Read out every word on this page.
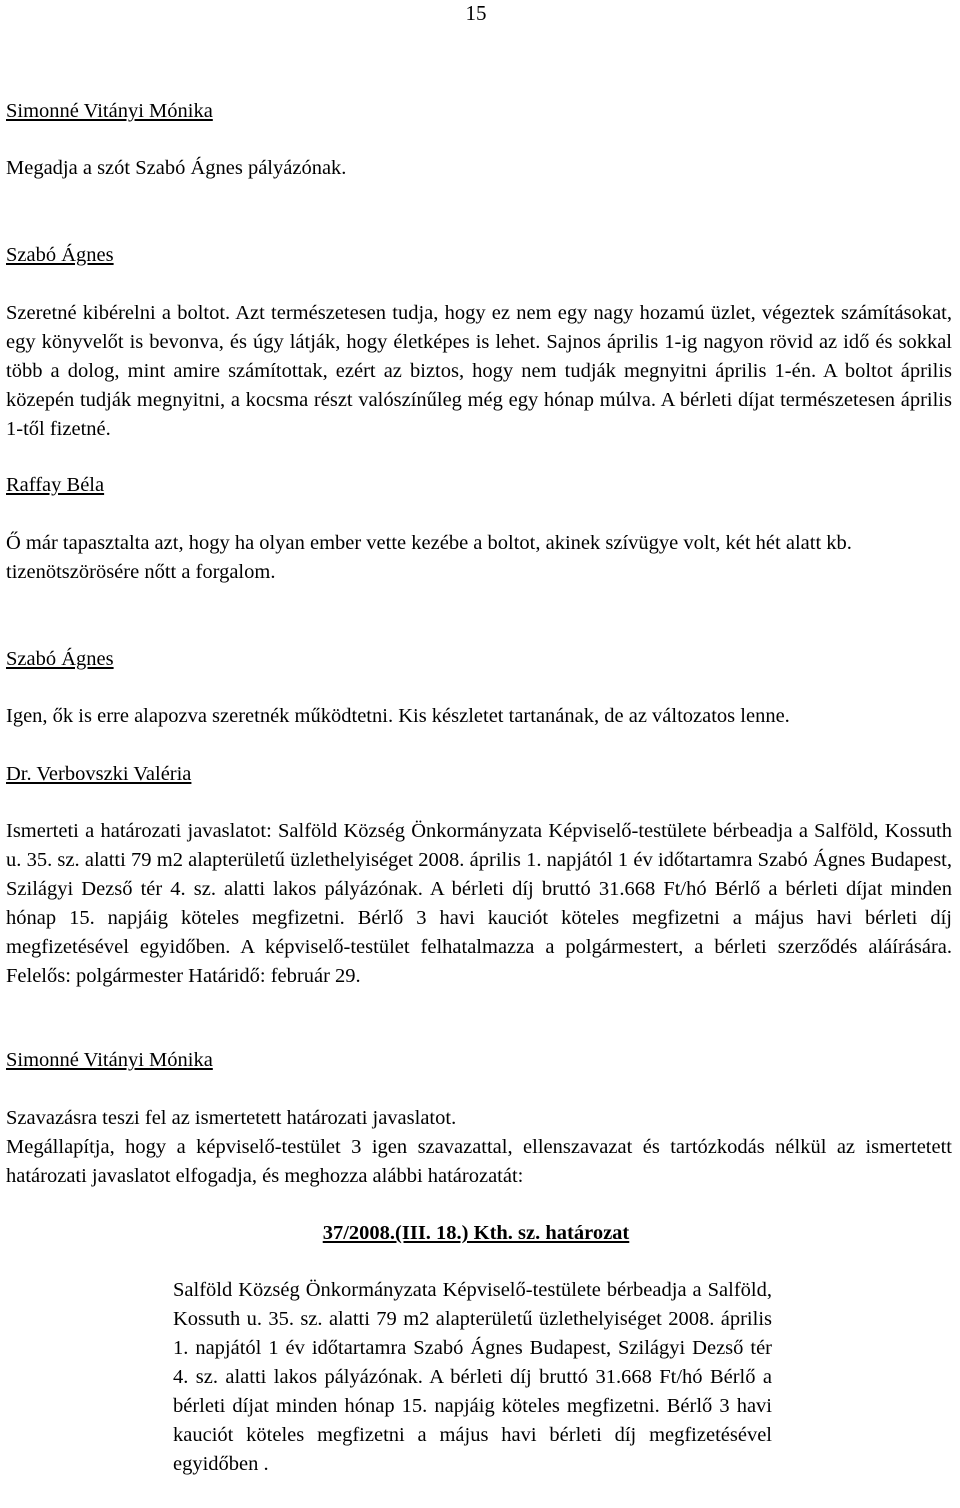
15

Simonné Vitányi Mónika

Megadja a szót Szabó Ágnes pályázónak.

Szabó Ágnes

Szeretné kibérelni a boltot. Azt természetesen tudja, hogy ez nem egy nagy hozamú üzlet, végeztek számításokat, egy könyvelőt is bevonva, és úgy látják, hogy életképes is lehet. Sajnos április 1-ig nagyon rövid az idő és sokkal több a dolog, mint amire számítottak, ezért az biztos, hogy nem tudják megnyitni április 1-én. A boltot április közepén tudják megnyitni, a kocsma részt valószínűleg még egy hónap múlva. A bérleti díjat természetesen április 1-től fizetné.

Raffay Béla

Ő már tapasztalta azt, hogy ha olyan ember vette kezébe a boltot, akinek szívügye volt, két hét alatt kb. tizenötszörösére nőtt a forgalom.

Szabó Ágnes

Igen, ők is erre alapozva szeretnék működtetni. Kis készletet tartanának, de az változatos lenne.

Dr. Verbovszki Valéria

Ismerteti a határozati javaslatot: Salföld Község Önkormányzata Képviselő-testülete bérbeadja a Salföld, Kossuth u. 35. sz. alatti 79 m2 alapterületű üzlethelyiséget 2008. április 1. napjától 1 év időtartamra Szabó Ágnes Budapest, Szilágyi Dezső tér 4. sz. alatti lakos pályázónak. A bérleti díj bruttó 31.668 Ft/hó Bérlő a bérleti díjat minden hónap 15. napjáig köteles megfizetni. Bérlő 3 havi kauciót köteles megfizetni a május havi bérleti díj megfizetésével egyidőben. A képviselő-testület felhatalmazza a polgármestert, a bérleti szerződés aláírására. Felelős: polgármester Határidő: február 29.

Simonné Vitányi Mónika

Szavazásra teszi fel az ismertetett határozati javaslatot.

Megállapítja, hogy a képviselő-testület 3 igen szavazattal, ellenszavazat és tartózkodás nélkül az ismertetett határozati javaslatot elfogadja, és meghozza alábbi határozatát:

37/2008.(III. 18.) Kth. sz. határozat

Salföld Község Önkormányzata Képviselő-testülete bérbeadja a Salföld, Kossuth u. 35. sz. alatti 79 m2 alapterületű üzlethelyiséget 2008. április 1. napjától 1 év időtartamra Szabó Ágnes Budapest, Szilágyi Dezső tér 4. sz. alatti lakos pályázónak. A bérleti díj bruttó 31.668 Ft/hó Bérlő a bérleti díjat minden hónap 15. napjáig köteles megfizetni. Bérlő 3 havi kauciót köteles megfizetni a május havi bérleti díj megfizetésével egyidőben .
